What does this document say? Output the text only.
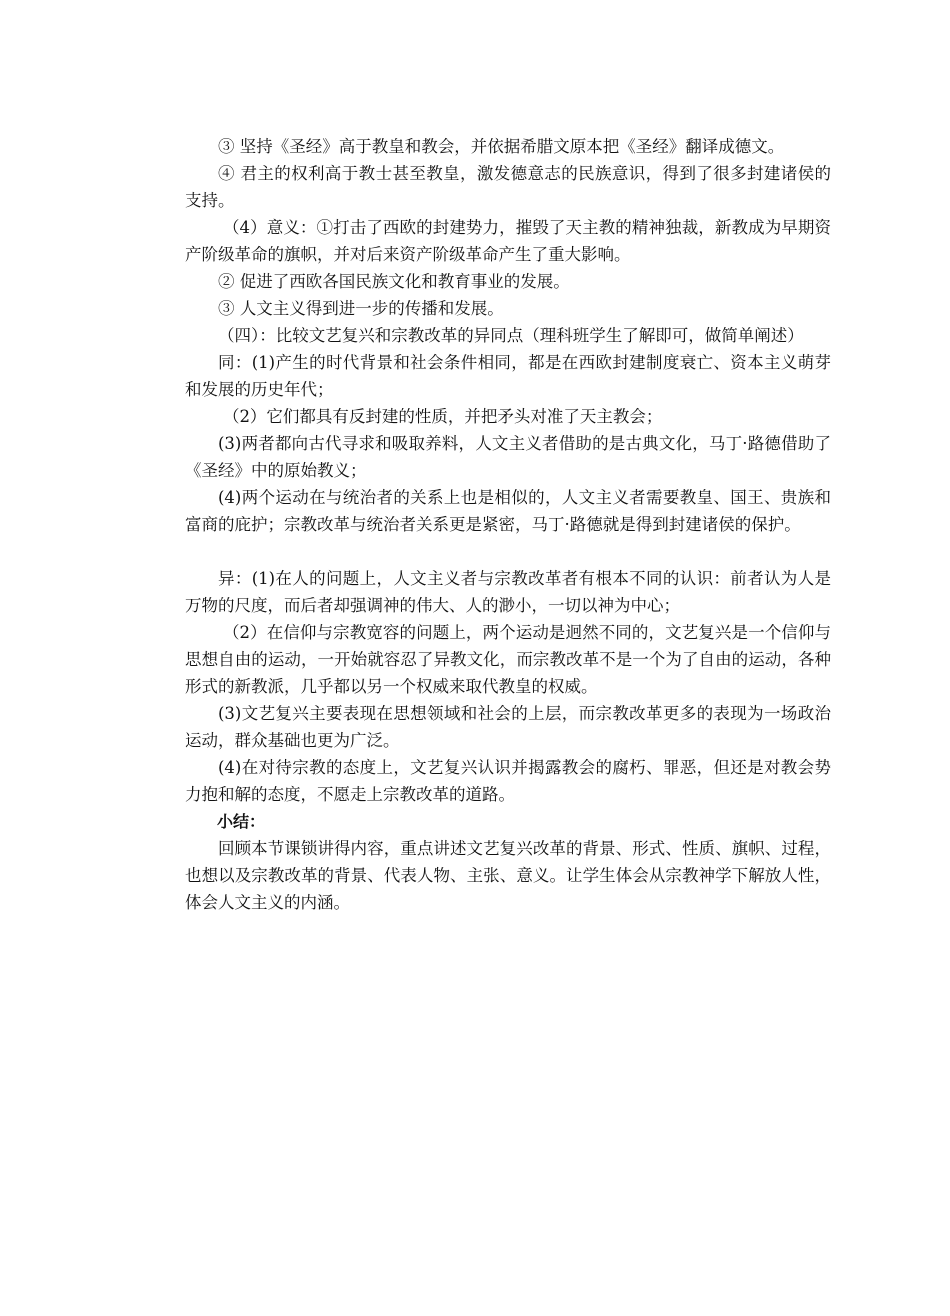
③ 坚持《圣经》高于教皇和教会，并依据希腊文原本把《圣经》翻译成德文。

④ 君主的权利高于教士甚至教皇，激发德意志的民族意识，得到了很多封建诸侯的支持。

（4）意义：①打击了西欧的封建势力，摧毁了天主教的精神独裁，新教成为早期资产阶级革命的旗帜，并对后来资产阶级革命产生了重大影响。

② 促进了西欧各国民族文化和教育事业的发展。

③ 人文主义得到进一步的传播和发展。

（四）：比较文艺复兴和宗教改革的异同点（理科班学生了解即可，做简单阐述）

同：(1)产生的时代背景和社会条件相同，都是在西欧封建制度衰亡、资本主义萌芽和发展的历史年代；

（2）它们都具有反封建的性质，并把矛头对准了天主教会；

(3)两者都向古代寻求和吸取养料，人文主义者借助的是古典文化，马丁·路德借助了《圣经》中的原始教义；

(4)两个运动在与统治者的关系上也是相似的，人文主义者需要教皇、国王、贵族和富商的庇护；宗教改革与统治者关系更是紧密，马丁·路德就是得到封建诸侯的保护。

异：(1)在人的问题上，人文主义者与宗教改革者有根本不同的认识：前者认为人是万物的尺度，而后者却强调神的伟大、人的渺小，一切以神为中心；

（2）在信仰与宗教宽容的问题上，两个运动是迥然不同的，文艺复兴是一个信仰与思想自由的运动，一开始就容忍了异教文化，而宗教改革不是一个为了自由的运动，各种形式的新教派，几乎都以另一个权威来取代教皇的权威。

(3)文艺复兴主要表现在思想领域和社会的上层，而宗教改革更多的表现为一场政治运动，群众基础也更为广泛。

(4)在对待宗教的态度上，文艺复兴认识并揭露教会的腐朽、罪恶，但还是对教会势力抱和解的态度，不愿走上宗教改革的道路。

小结：

回顾本节课锁讲得内容，重点讲述文艺复兴改革的背景、形式、性质、旗帜、过程，也想以及宗教改革的背景、代表人物、主张、意义。让学生体会从宗教神学下解放人性，体会人文主义的内涵。
